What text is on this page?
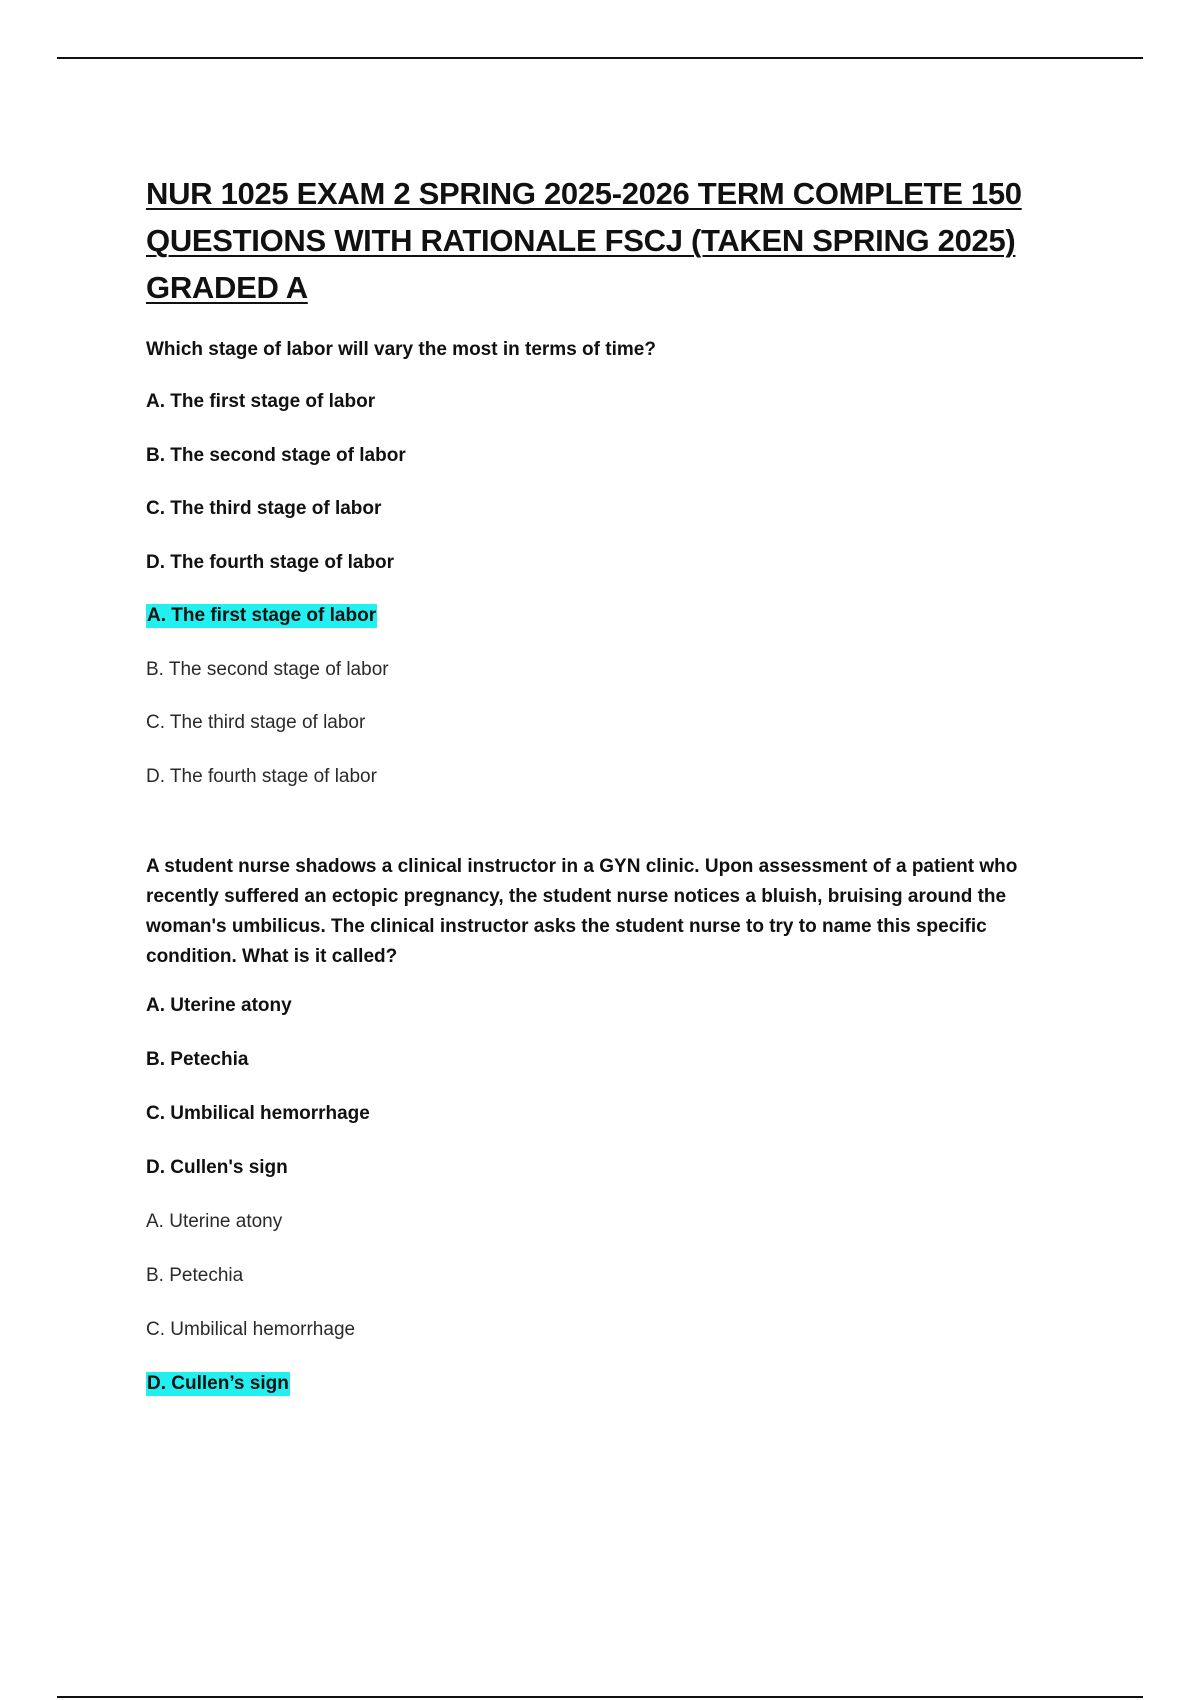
NUR 1025 EXAM 2 SPRING 2025-2026 TERM COMPLETE 150 QUESTIONS WITH RATIONALE FSCJ (TAKEN SPRING 2025) GRADED A

Which stage of labor will vary the most in terms of time?

A. The first stage of labor
B. The second stage of labor
C. The third stage of labor
D. The fourth stage of labor
A. The first stage of labor
B. The second stage of labor
C. The third stage of labor
D. The fourth stage of labor

A student nurse shadows a clinical instructor in a GYN clinic. Upon assessment of a patient who recently suffered an ectopic pregnancy, the student nurse notices a bluish, bruising around the woman's umbilicus. The clinical instructor asks the student nurse to try to name this specific condition. What is it called?

A. Uterine atony
B. Petechia
C. Umbilical hemorrhage
D. Cullen's sign
A. Uterine atony
B. Petechia
C. Umbilical hemorrhage
D. Cullen’s sign
